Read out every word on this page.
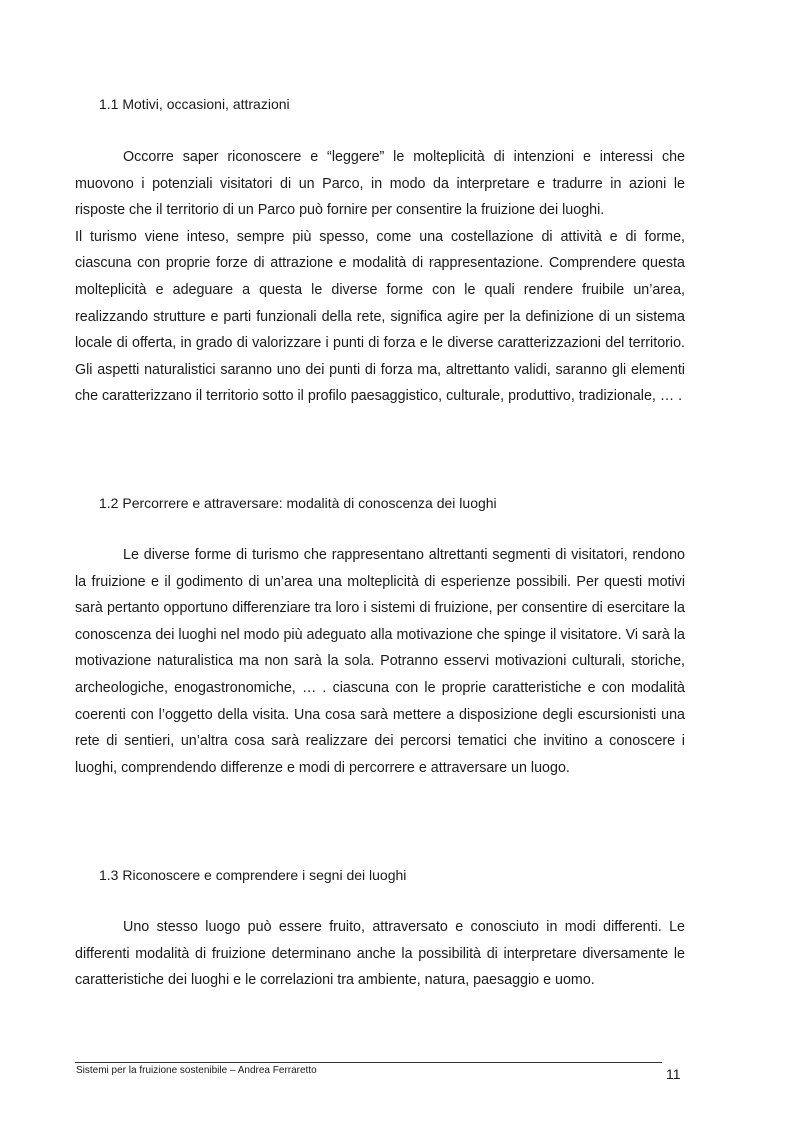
1.1 Motivi, occasioni, attrazioni

Occorre saper riconoscere e “leggere” le molteplicità di intenzioni e interessi che muovono i potenziali visitatori di un Parco, in modo da interpretare e tradurre in azioni le risposte che il territorio di un Parco può fornire per consentire la fruizione dei luoghi.

Il turismo viene inteso, sempre più spesso, come una costellazione di attività e di forme, ciascuna con proprie forze di attrazione e modalità di rappresentazione. Comprendere questa molteplicità e adeguare a questa le diverse forme con le quali rendere fruibile un’area, realizzando strutture e parti funzionali della rete, significa agire per la definizione di un sistema locale di offerta, in grado di valorizzare i punti di forza e le diverse caratterizzazioni del territorio. Gli aspetti naturalistici saranno uno dei punti di forza ma, altrettanto validi, saranno gli elementi che caratterizzano il territorio sotto il profilo paesaggistico, culturale, produttivo, tradizionale, … .

1.2 Percorrere e attraversare: modalità di conoscenza dei luoghi

Le diverse forme di turismo che rappresentano altrettanti segmenti di visitatori, rendono la fruizione e il godimento di un’area una molteplicità di esperienze possibili. Per questi motivi sarà pertanto opportuno differenziare tra loro i sistemi di fruizione, per consentire di esercitare la conoscenza dei luoghi nel modo più adeguato alla motivazione che spinge il visitatore. Vi sarà la motivazione naturalistica ma non sarà la sola. Potranno esservi motivazioni culturali, storiche, archeologiche, enogastronomiche, … . ciascuna con le proprie caratteristiche e con modalità coerenti con l’oggetto della visita. Una cosa sarà mettere a disposizione degli escursionisti una rete di sentieri, un’altra cosa sarà realizzare dei percorsi tematici che invitino a conoscere i luoghi, comprendendo differenze e modi di percorrere e attraversare un luogo.

1.3 Riconoscere e comprendere i segni dei luoghi

Uno stesso luogo può essere fruito, attraversato e conosciuto in modi differenti. Le differenti modalità di fruizione determinano anche la possibilità di interpretare diversamente le caratteristiche dei luoghi e le correlazioni tra ambiente, natura, paesaggio e uomo.

Sistemi per la fruizione sostenibile – Andrea Ferraretto	11
